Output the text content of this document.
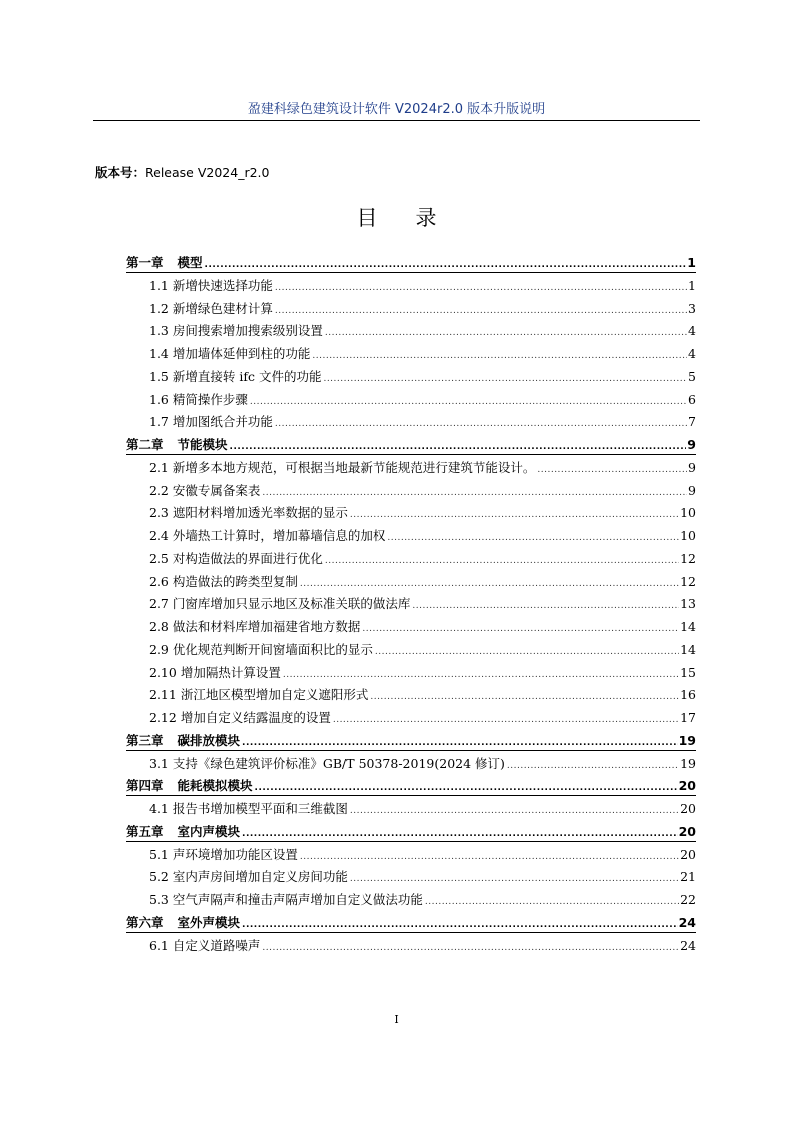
盈建科绿色建筑设计软件 V2024r2.0 版本升版说明
版本号：Release V2024_r2.0
目录
第一章 模型 .....	1
1.1 新增快速选择功能 .....	1
1.2 新增绿色建材计算 .....	3
1.3 房间搜索增加搜索级别设置 .....	4
1.4 增加墙体延伸到柱的功能 .....	4
1.5 新增直接转 ifc 文件的功能 .....	5
1.6 精简操作步骤 .....	6
1.7 增加图纸合并功能 .....	7
第二章 节能模块 .....	9
2.1 新增多本地方规范，可根据当地最新节能规范进行建筑节能设计。 .....	9
2.2 安徽专属备案表 .....	9
2.3 遮阳材料增加透光率数据的显示 .....	10
2.4 外墙热工计算时，增加幕墙信息的加权 .....	10
2.5 对构造做法的界面进行优化 .....	12
2.6 构造做法的跨类型复制 .....	12
2.7 门窗库增加只显示地区及标准关联的做法库 .....	13
2.8 做法和材料库增加福建省地方数据 .....	14
2.9 优化规范判断开间窗墙面积比的显示 .....	14
2.10 增加隔热计算设置 .....	15
2.11 浙江地区模型增加自定义遮阳形式 .....	16
2.12 增加自定义结露温度的设置 .....	17
第三章 碳排放模块 .....	19
3.1 支持《绿色建筑评价标准》GB/T 50378-2019(2024 修订) .....	19
第四章 能耗模拟模块 .....	20
4.1 报告书增加模型平面和三维截图 .....	20
第五章 室内声模块 .....	20
5.1 声环境增加功能区设置 .....	20
5.2 室内声房间增加自定义房间功能 .....	21
5.3 空气声隔声和撞击声隔声增加自定义做法功能 .....	22
第六章 室外声模块 .....	24
6.1 自定义道路噪声 .....	24
I
